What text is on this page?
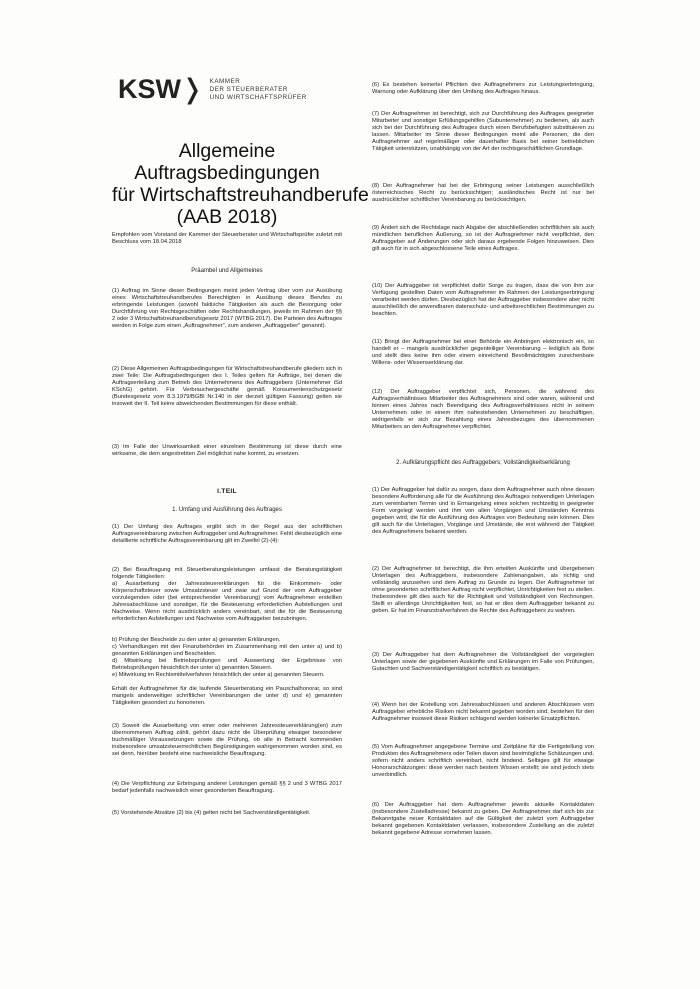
KSW❭ KAMMER
DER STEUERBERATER
UND WIRTSCHAFTSPRÜFER
Allgemeine
Auftragsbedingungen
für Wirtschaftstreuhandberufe
(AAB 2018)
Empfohlen vom Vorstand der Kammer der Steuerberater und Wirtschaftsprüfer zuletzt mit Beschluss vom 18.04.2018
Präambel und Allgemeines
(1) Auftrag im Sinne dieser Bedingungen meint jeden Vertrag über vom zur Ausübung eines Wirtschaftstreuhandberufes Berechtigten in Ausübung dieses Berufes zu erbringende Leistungen (sowohl faktische Tätigkeiten als auch die Besorgung oder Durchführung von Rechtsgeschäften oder Rechtshandlungen, jeweils im Rahmen der §§ 2 oder 3 Wirtschaftstreuhandberufsgesetz 2017 (WTBG 2017). Die Parteien des Auftrages werden in Folge zum einen „Auftragnehmer", zum anderen „Auftraggeber" genannt).
(2) Diese Allgemeinen Auftragsbedingungen für Wirtschaftstreuhandberufe gliedern sich in zwei Teile: Die Auftragsbedingungen des I. Teiles gelten für Aufträge, bei denen die Auftragserteilung zum Betrieb des Unternehmens des Auftraggebers (Unternehmer iSd KSchG) gehört. Für Verbrauchergeschäfte gemäß Konsumentenschutzgesetz (Bundesgesetz vom 8.3.1979/BGBl Nr.140 in der derzeit gültigen Fassung) gelten sie insoweit der II. Teil keine abweichenden Bestimmungen für diese enthält.
(3) Im Falle der Unwirksamkeit einer einzelnen Bestimmung ist diese durch eine wirksame, die dem angestrebten Ziel möglichst nahe kommt, zu ersetzen.
I.TEIL
1. Umfang und Ausführung des Auftrages
(1) Der Umfang des Auftrages ergibt sich in der Regel aus der schriftlichen Auftragsvereinbarung zwischen Auftraggeber und Auftragnehmer. Fehlt diesbezüglich eine detaillierte schriftliche Auftragsvereinbarung gilt im Zweifel (2)-(4):
(2) Bei Beauftragung mit Steuerberatungsleistungen umfasst die Beratungstätigkeit folgende Tätigkeiten:
a) Ausarbeitung der Jahressteuererklärungen für die Einkommen- oder Körperschaftsteuer sowie Umsatzsteuer und zwar auf Grund der vom Auftraggeber vorzulegenden oder (bei entsprechender Vereinbarung) vom Auftragnehmer erstellten Jahresabschlüsse und sonstiger, für die Besteuerung erforderlichen Aufstellungen und Nachweise. Wenn nicht ausdrücklich anders vereinbart, sind die für die Besteuerung erforderlichen Aufstellungen und Nachweise vom Auftraggeber beizubringen.
b) Prüfung der Bescheide zu den unter a) genannten Erklärungen.
c) Verhandlungen mit den Finanzbehörden im Zusammenhang mit den unter a) und b) genannten Erklärungen und Bescheiden.
d) Mitwirkung bei Betriebsprüfungen und Auswertung der Ergebnisse von Betriebsprüfungen hinsichtlich der unter a) genannten Steuern.
e) Mitwirkung im Rechtsmittelverfahren hinsichtlich der unter a) genannten Steuern.
Erhält der Auftragnehmer für die laufende Steuerberatung ein Pauschalhonorar, so sind mangels anderweitiger schriftlicher Vereinbarungen die unter d) und e) genannten Tätigkeiten gesondert zu honorieren.
(3) Soweit die Ausarbeitung von einer oder mehreren Jahressteuererklärung(en) zum übernommenen Auftrag zählt, gehört dazu nicht die Überprüfung etwaiger besonderer buchmäßiger Voraussetzungen sowie die Prüfung, ob alle in Betracht kommenden insbesondere umsatzsteuerrechtlichen Begünstigungen wahrgenommen worden sind, es sei denn, hierüber besteht eine nachweisliche Beauftragung.
(4) Die Verpflichtung zur Erbringung anderer Leistungen gemäß §§ 2 und 3 WTBG 2017 bedarf jedenfalls nachweislich einer gesonderten Beauftragung.
(5) Vorstehende Absätze (2) bis (4) gelten nicht bei Sachverständigentätigkeit.
(6) Es bestehen keinerlei Pflichten des Auftragnehmers zur Leistungserbringung, Warnung oder Aufklärung über den Umfang des Auftrages hinaus.
(7) Der Auftragnehmer ist berechtigt, sich zur Durchführung des Auftrages geeigneter Mitarbeiter und sonstiger Erfüllungsgehilfen (Subunternehmer) zu bedienen, als auch sich bei der Durchführung des Auftrages durch einen Berufsbefugten substituieren zu lassen. Mitarbeiter im Sinne dieser Bedingungen meint alle Personen, die den Auftragnehmer auf regelmäßiger oder dauerhafter Basis bei seiner betrieblichen Tätigkeit unterstützen, unabhängig von der Art der rechtsgeschäftlichen Grundlage.
(8) Der Auftragnehmer hat bei der Erbringung seiner Leistungen ausschließlich österreichisches Recht zu berücksichtigen; ausländisches Recht ist nur bei ausdrücklicher schriftlicher Vereinbarung zu berücksichtigen.
(9) Ändert sich die Rechtslage nach Abgabe der abschließenden schriftlichen als auch mündlichen beruflichen Äußerung, so ist der Auftragnehmer nicht verpflichtet, den Auftraggeber auf Änderungen oder sich daraus ergebende Folgen hinzuweisen. Dies gilt auch für in sich abgeschlossene Teile eines Auftrages.
(10) Der Auftraggeber ist verpflichtet dafür Sorge zu tragen, dass die von ihm zur Verfügung gestellten Daten vom Auftragnehmer im Rahmen der Leistungserbringung verarbeitet werden dürfen. Diesbezüglich hat der Auftraggeber insbesondere aber nicht ausschließlich die anwendbaren datenschutz- und arbeitsrechtlichen Bestimmungen zu beachten.
(11) Bringt der Auftragnehmer bei einer Behörde ein Anbringen elektronisch ein, so handelt er – mangels ausdrücklicher gegenteiliger Vereinbarung – lediglich als Bote und stellt dies keine ihm oder einem einreichend Bevollmächtigten zurechenbare Willens- oder Wissenserklärung dar.
(12) Der Auftraggeber verpflichtet sich, Personen, die während des Auftragsverhältnisses Mitarbeiter des Auftragnehmers sind oder waren, während und binnen eines Jahres nach Beendigung des Auftragsverhältnisses nicht in seinem Unternehmen oder in einem ihm nahestehenden Unternehmen zu beschäftigen, widrigenfalls er sich zur Bezahlung eines Jahresbezuges des übernommenen Mitarbeiters an den Auftragnehmer verpflichtet.
2. Aufklärungspflicht des Auftraggebers; Vollständigkeitserklärung
(1) Der Auftraggeber hat dafür zu sorgen, dass dem Auftragnehmer auch ohne dessen besondere Aufforderung alle für die Ausführung des Auftrages notwendigen Unterlagen zum vereinbarten Termin und in Ermangelung eines solchen rechtzeitig in geeigneter Form vorgelegt werden und ihm von allen Vorgängen und Umständen Kenntnis gegeben wird, die für die Ausführung des Auftrages von Bedeutung sein können. Dies gilt auch für die Unterlagen, Vorgänge und Umstände, die erst während der Tätigkeit des Auftragnehmers bekannt werden.
(2) Der Auftragnehmer ist berechtigt, die ihm erteilten Auskünfte und übergebenen Unterlagen des Auftraggebers, insbesondere Zahlenangaben, als richtig und vollständig anzusehen und dem Auftrag zu Grunde zu legen. Der Auftragnehmer ist ohne gesonderten schriftlichen Auftrag nicht verpflichtet, Unrichtigkeiten fest zu stellen. Insbesondere gilt dies auch für die Richtigkeit und Vollständigkeit von Rechnungen. Stellt er allerdings Unrichtigkeiten fest, so hat er dies dem Auftraggeber bekannt zu geben. Er hat im Finanzstrafverfahren die Rechte des Auftraggebers zu wahren.
(3) Der Auftraggeber hat dem Auftragnehmer die Vollständigkeit der vorgelegten Unterlagen sowie der gegebenen Auskünfte und Erklärungen im Falle von Prüfungen, Gutachten und Sachverständigentätigkeit schriftlich zu bestätigen.
(4) Wenn bei der Erstellung von Jahresabschlüssen und anderen Abschlüssen vom Auftraggeber erhebliche Risiken nicht bekannt gegeben worden sind, bestehen für den Auftragnehmer insoweit diese Risiken schlagend werden keinerlei Ersatzpflichten.
(5) Vom Auftragnehmer angegebene Termine und Zeitpläne für die Fertigstellung von Produkten des Auftragnehmers oder Teilen davon sind bestmögliche Schätzungen und, sofern nicht anders schriftlich vereinbart, nicht bindend. Selbiges gilt für etwaige Honorarschätzungen: diese werden nach bestem Wissen erstellt; sie sind jedoch stets unverbindlich.
(6) Der Auftraggeber hat dem Auftragnehmer jeweils aktuelle Kontaktdaten (insbesondere Zustelladresse) bekannt zu geben. Der Auftragnehmer darf sich bis zur Bekanntgabe neuer Kontaktdaten auf die Gültigkeit der zuletzt vom Auftraggeber bekannt gegebenen Kontaktdaten verlassen, insbesondere Zustellung an die zuletzt bekannt gegebene Adresse vornehmen lassen.
